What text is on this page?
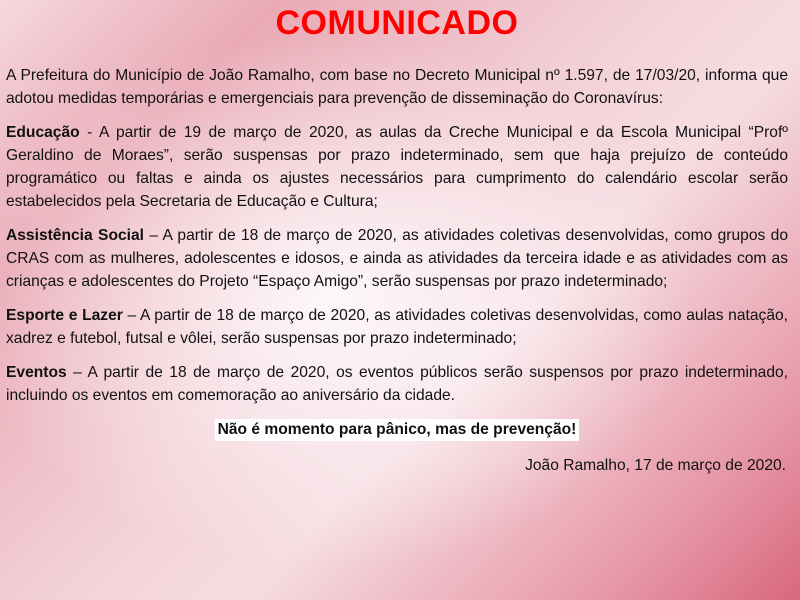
COMUNICADO

A Prefeitura do Município de João Ramalho, com base no Decreto Municipal nº 1.597, de 17/03/20, informa que adotou medidas temporárias e emergenciais para prevenção de disseminação do Coronavírus:

Educação - A partir de 19 de março de 2020, as aulas da Creche Municipal e da Escola Municipal “Profº Geraldino de Moraes”, serão suspensas por prazo indeterminado, sem que haja prejuízo de conteúdo programático ou faltas e ainda os ajustes necessários para cumprimento do calendário escolar serão estabelecidos pela Secretaria de Educação e Cultura;

Assistência Social – A partir de 18 de março de 2020, as atividades coletivas desenvolvidas, como grupos do CRAS com as mulheres, adolescentes e idosos, e ainda as atividades da terceira idade e as atividades com as crianças e adolescentes do Projeto “Espaço Amigo”, serão suspensas por prazo indeterminado;

Esporte e Lazer – A partir de 18 de março de 2020, as atividades coletivas desenvolvidas, como aulas natação, xadrez e futebol, futsal e vôlei, serão suspensas por prazo indeterminado;

Eventos – A partir de 18 de março de 2020, os eventos públicos serão suspensos por prazo indeterminado, incluindo os eventos em comemoração ao aniversário da cidade.

Não é momento para pânico, mas de prevenção!
João Ramalho, 17 de março de 2020.
